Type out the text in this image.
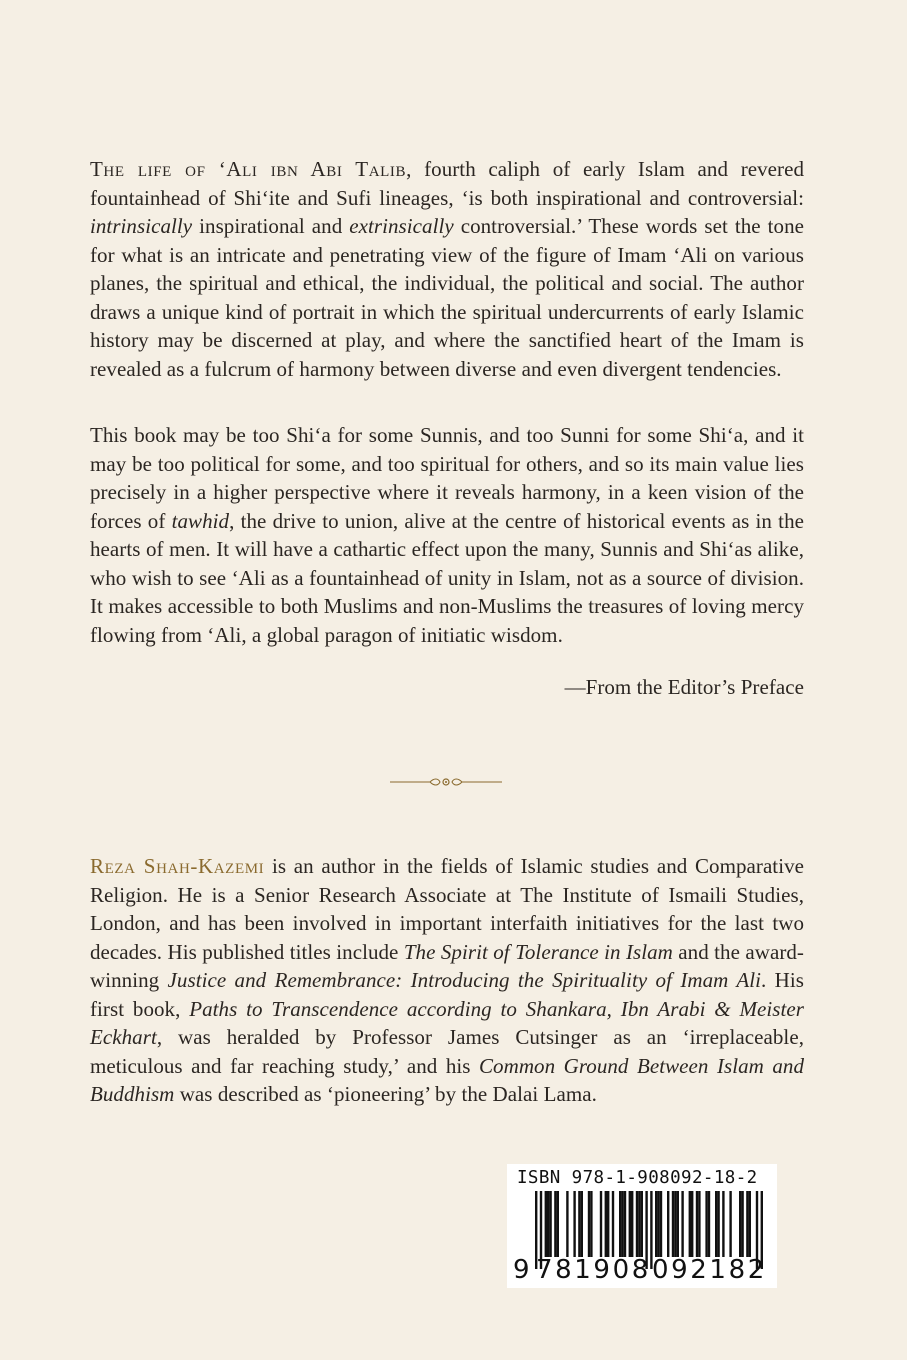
The life of ‘Ali ibn Abi Talib, fourth caliph of early Islam and revered fountainhead of Shi‘ite and Sufi lineages, ‘is both inspirational and controversial: intrinsically inspirational and extrinsically controversial.’ These words set the tone for what is an intricate and penetrating view of the figure of Imam ‘Ali on various planes, the spiritual and ethical, the individual, the political and social. The author draws a unique kind of portrait in which the spiritual undercurrents of early Islamic history may be discerned at play, and where the sanctified heart of the Imam is revealed as a fulcrum of harmony between diverse and even divergent tendencies.
This book may be too Shi‘a for some Sunnis, and too Sunni for some Shi‘a, and it may be too political for some, and too spiritual for others, and so its main value lies precisely in a higher perspective where it reveals harmony, in a keen vision of the forces of tawhid, the drive to union, alive at the centre of historical events as in the hearts of men. It will have a cathartic effect upon the many, Sunnis and Shi‘as alike, who wish to see ‘Ali as a fountainhead of unity in Islam, not as a source of division. It makes accessible to both Muslims and non-Muslims the treasures of loving mercy flowing from ‘Ali, a global paragon of initiatic wisdom.
—From the Editor’s Preface
Reza Shah-Kazemi is an author in the fields of Islamic studies and Comparative Religion. He is a Senior Research Associate at The Institute of Ismaili Studies, London, and has been involved in important interfaith initiatives for the last two decades. His published titles include The Spirit of Tolerance in Islam and the award-winning Justice and Remembrance: Introducing the Spirituality of Imam Ali. His first book, Paths to Transcendence according to Shankara, Ibn Arabi & Meister Eckhart, was heralded by Professor James Cutsinger as an ‘irreplaceable, meticulous and far reaching study,’ and his Common Ground Between Islam and Buddhism was described as ‘pioneering’ by the Dalai Lama.
ISBN 978-1-908092-18-2
9 781908 092182
